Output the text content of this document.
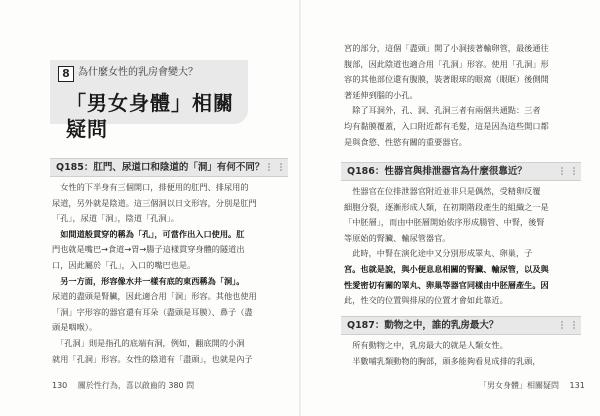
8 為什麼女性的乳房會變大？
「男女身體」相關疑問
Q185：肛門、尿道口和陰道的「洞」有何不同？
　女性的下半身有三個開口，排便用的肛門、排尿用的
尿道，另外就是陰道。這三個洞以日文形容，分別是肛門
「孔」，尿道「洞」，陰道「孔洞」。
　如間道般貫穿的稱為「孔」，可當作出入口使用。肛
門也就是嘴巴→食道→胃→腸子這樣貫穿身體的隧道出
口，因此屬於「孔」，入口的嘴巴也是。
　另一方面，形容像水井一樣有底的東西稱為「洞」。
尿道的盡頭是腎臟，因此適合用「洞」形容。其他也使用
「洞」字形容的器官還有耳朵（盡頭是耳膜）、鼻子（盡
頭是咽喉）。
　「孔洞」則是指孔的底端有洞，例如，翻底開的小洞
就用「孔洞」形容。女性的陰道有「盡頭」，也就是內子
130 關於性行為，喜以啟齒的 380 問
宮的部分，這個「盡頭」開了小洞接著輸卵管，最後通往
腹部，因此陰道也適合用「孔洞」形容。使用「孔洞」形
容的其他部位還有腹膜，裝著眼球的眼窩（眼眶）後側開
著延伸到腦的小孔。
　除了耳洞外，孔、洞、孔洞三者有兩個共通點：三者
均有黏膜覆蓋，入口附近都有毛髮，這是因為這些開口都
是與食慾、性慾有關的重要器官。
Q186：性器官與排泄器官為什麼很靠近？
　性器官在位排泄器官附近並非只是偶然，受精卵反覆
細胞分裂，逐漸形成人類，在初期階段產生的組織之一是
「中胚層」，而由中胚層開始依序形成腸管、中腎，後腎
等原始的腎臟、輸尿管器官。
　此時，中腎在演化途中又分別形成睪丸、卵巢，子
宮。也就是說，與小便息息相關的腎臟、輸尿管，以及與
性愛密切有關的睪丸、卵巢等器官同樣由中胚層產生。因
此，性交的位置與排尿的位置才會如此靠近。
Q187：動物之中，誰的乳房最大？
　所有動物之中，乳房最大的就是人類女性。
　半數哺乳類動物的胸部，頭多能夠看見成排的乳頭，
「男女身體」相關疑問 131
